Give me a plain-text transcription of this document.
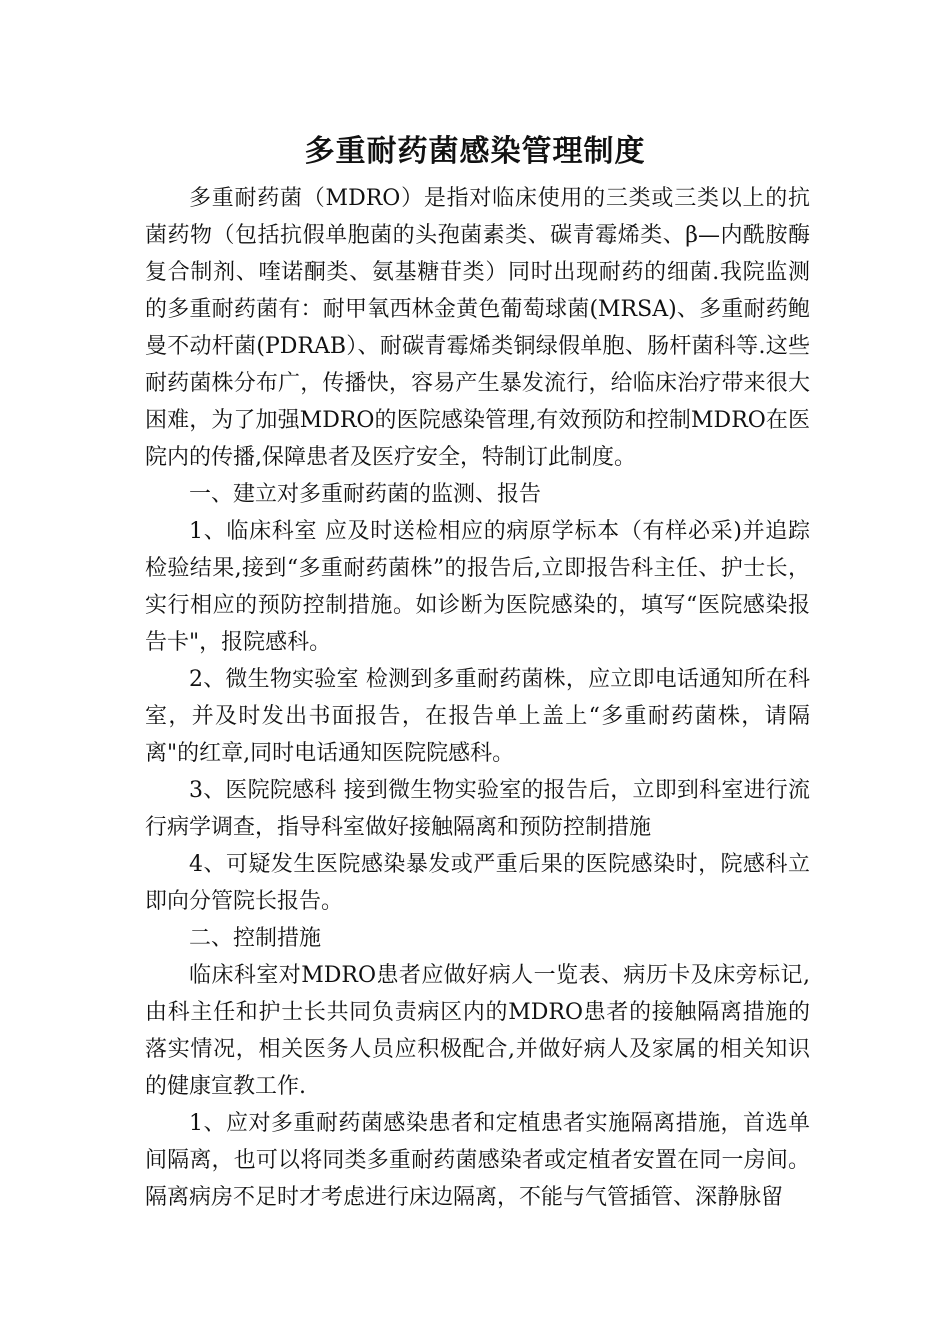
多重耐药菌感染管理制度

多重耐药菌（MDRO）是指对临床使用的三类或三类以上的抗菌药物（包括抗假单胞菌的头孢菌素类、碳青霉烯类、β—内酰胺酶复合制剂、喹诺酮类、氨基糖苷类）同时出现耐药的细菌.我院监测的多重耐药菌有：耐甲氧西林金黄色葡萄球菌(MRSA)、多重耐药鲍曼不动杆菌(PDRAB）、耐碳青霉烯类铜绿假单胞、肠杆菌科等.这些耐药菌株分布广，传播快，容易产生暴发流行，给临床治疗带来很大困难，为了加强MDRO的医院感染管理,有效预防和控制MDRO在医院内的传播,保障患者及医疗安全，特制订此制度。

一、建立对多重耐药菌的监测、报告

1、临床科室 应及时送检相应的病原学标本（有样必采)并追踪检验结果,接到“多重耐药菌株”的报告后,立即报告科主任、护士长，实行相应的预防控制措施。如诊断为医院感染的，填写“医院感染报告卡"，报院感科。

2、微生物实验室 检测到多重耐药菌株，应立即电话通知所在科室，并及时发出书面报告，在报告单上盖上“多重耐药菌株，请隔离"的红章,同时电话通知医院院感科。

3、医院院感科 接到微生物实验室的报告后，立即到科室进行流行病学调查，指导科室做好接触隔离和预防控制措施

4、可疑发生医院感染暴发或严重后果的医院感染时，院感科立即向分管院长报告。

二、控制措施

临床科室对MDRO患者应做好病人一览表、病历卡及床旁标记,由科主任和护士长共同负责病区内的MDRO患者的接触隔离措施的落实情况，相关医务人员应积极配合,并做好病人及家属的相关知识的健康宣教工作.

1、应对多重耐药菌感染患者和定植患者实施隔离措施，首选单间隔离，也可以将同类多重耐药菌感染者或定植者安置在同一房间。隔离病房不足时才考虑进行床边隔离，不能与气管插管、深静脉留
